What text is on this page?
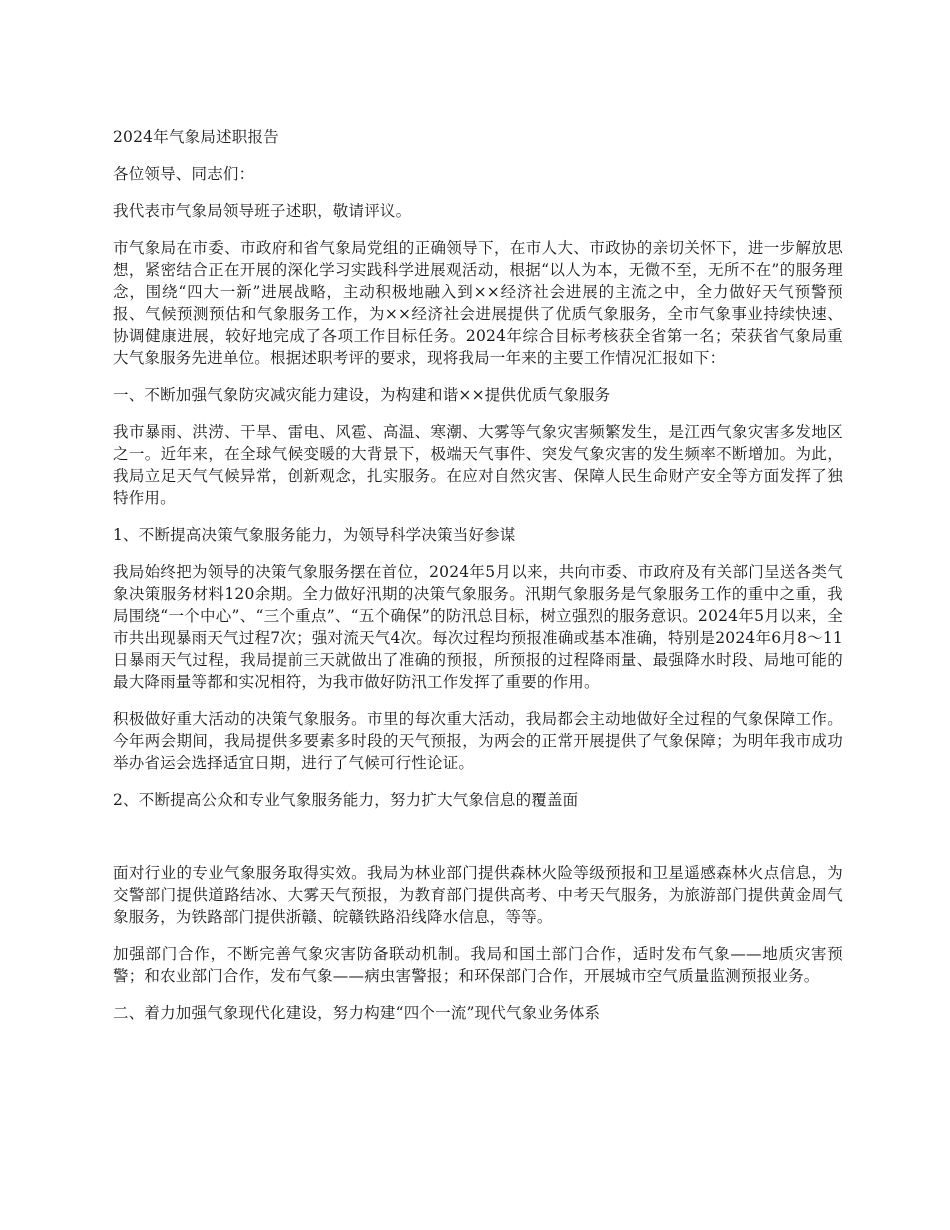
2024年气象局述职报告

各位领导、同志们：

我代表市气象局领导班子述职，敬请评议。

市气象局在市委、市政府和省气象局党组的正确领导下，在市人大、市政协的亲切关怀下，进一步解放思想，紧密结合正在开展的深化学习实践科学进展观活动，根据“以人为本，无微不至，无所不在”的服务理念，围绕“四大一新”进展战略，主动积极地融入到××经济社会进展的主流之中，全力做好天气预警预报、气候预测预估和气象服务工作，为××经济社会进展提供了优质气象服务，全市气象事业持续快速、协调健康进展，较好地完成了各项工作目标任务。2024年综合目标考核获全省第一名；荣获省气象局重大气象服务先进单位。根据述职考评的要求，现将我局一年来的主要工作情况汇报如下：

一、不断加强气象防灾减灾能力建设，为构建和谐××提供优质气象服务

我市暴雨、洪涝、干旱、雷电、风雹、高温、寒潮、大雾等气象灾害频繁发生，是江西气象灾害多发地区之一。近年来，在全球气候变暖的大背景下，极端天气事件、突发气象灾害的发生频率不断增加。为此，我局立足天气气候异常，创新观念，扎实服务。在应对自然灾害、保障人民生命财产安全等方面发挥了独特作用。

1、不断提高决策气象服务能力，为领导科学决策当好参谋

我局始终把为领导的决策气象服务摆在首位，2024年5月以来，共向市委、市政府及有关部门呈送各类气象决策服务材料120余期。全力做好汛期的决策气象服务。汛期气象服务是气象服务工作的重中之重，我局围绕“一个中心”、“三个重点”、“五个确保”的防汛总目标，树立强烈的服务意识。2024年5月以来，全市共出现暴雨天气过程7次；强对流天气4次。每次过程均预报准确或基本准确，特别是2024年6月8～11日暴雨天气过程，我局提前三天就做出了准确的预报，所预报的过程降雨量、最强降水时段、局地可能的最大降雨量等都和实况相符，为我市做好防汛工作发挥了重要的作用。

积极做好重大活动的决策气象服务。市里的每次重大活动，我局都会主动地做好全过程的气象保障工作。今年两会期间，我局提供多要素多时段的天气预报，为两会的正常开展提供了气象保障；为明年我市成功举办省运会选择适宜日期，进行了气候可行性论证。

2、不断提高公众和专业气象服务能力，努力扩大气象信息的覆盖面

面对行业的专业气象服务取得实效。我局为林业部门提供森林火险等级预报和卫星遥感森林火点信息，为交警部门提供道路结冰、大雾天气预报，为教育部门提供高考、中考天气服务，为旅游部门提供黄金周气象服务，为铁路部门提供浙赣、皖赣铁路沿线降水信息，等等。

加强部门合作，不断完善气象灾害防备联动机制。我局和国土部门合作，适时发布气象——地质灾害预警；和农业部门合作，发布气象——病虫害警报；和环保部门合作，开展城市空气质量监测预报业务。

二、着力加强气象现代化建设，努力构建“四个一流”现代气象业务体系
